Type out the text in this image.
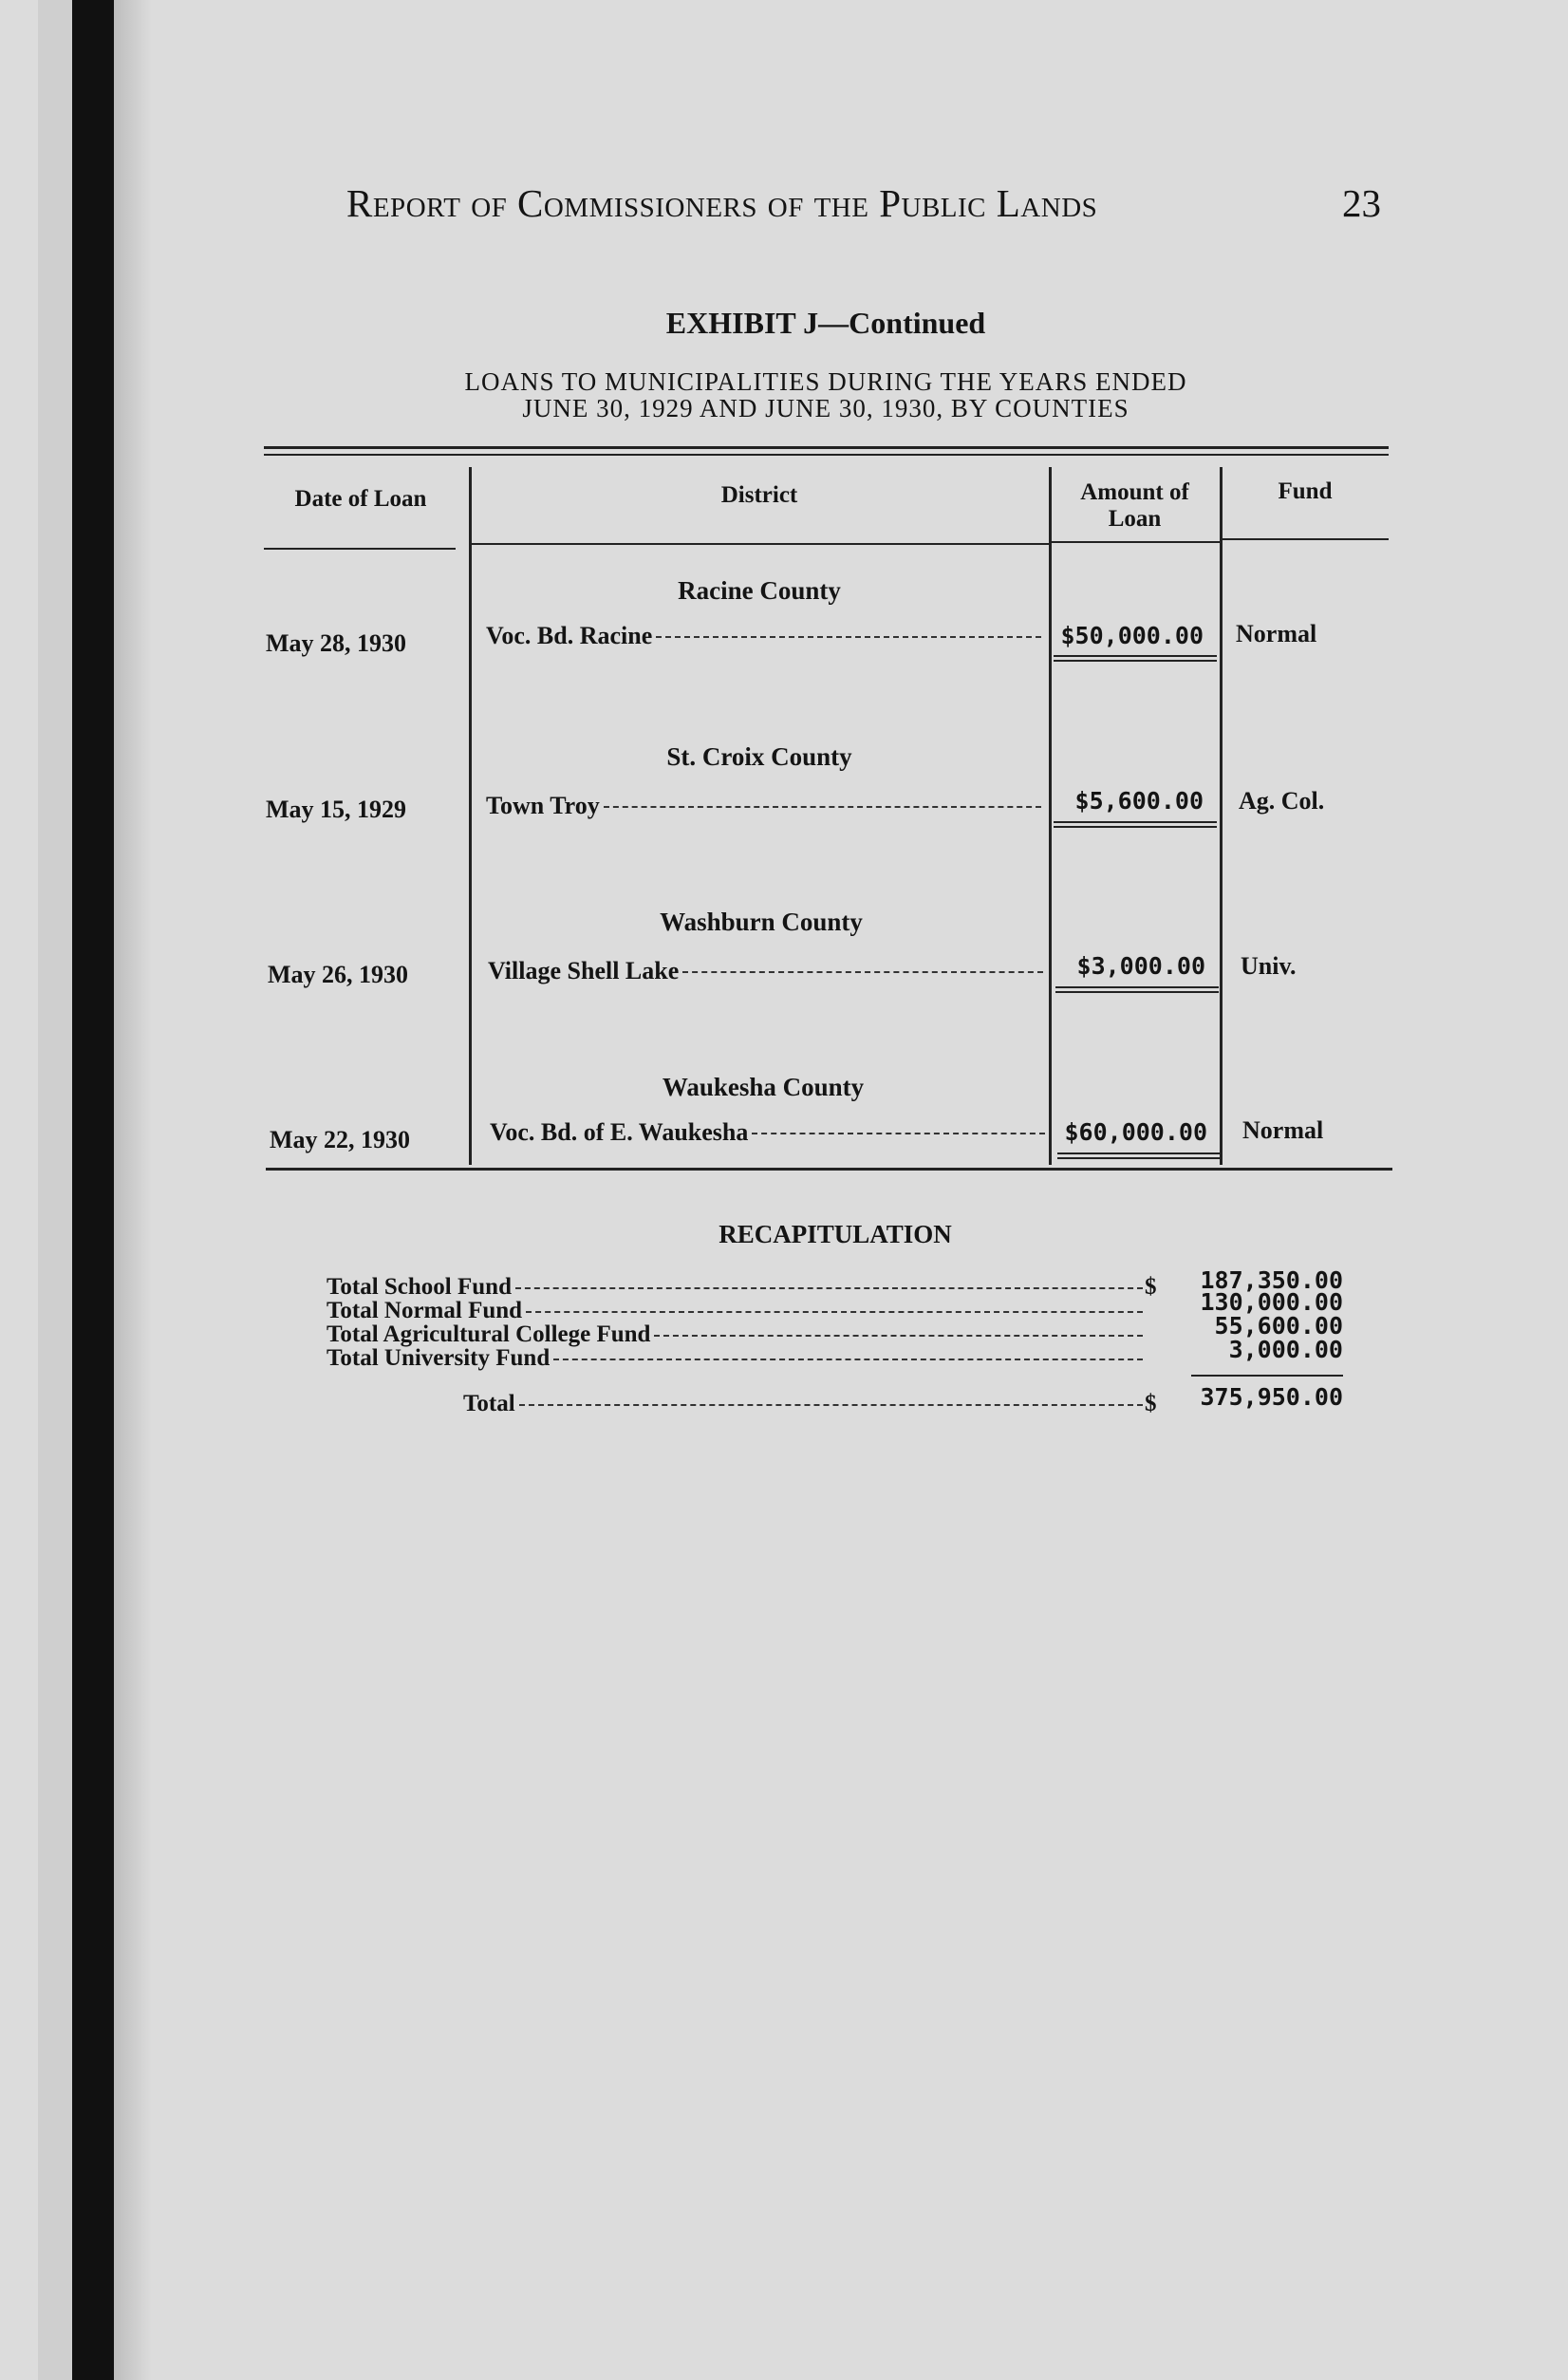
Report of Commissioners of the Public Lands	23
EXHIBIT J—Continued
LOANS TO MUNICIPALITIES DURING THE YEARS ENDED
JUNE 30, 1929 AND JUNE 30, 1930, BY COUNTIES
Date of Loan	District	Amount of
Loan
Fund
Racine County
May 28, 1930	Voc. Bd. Racine	$50,000.00 Normal
St. Croix County
May 15, 1929	Town Troy	$5,600.00 Ag. Col.
Washburn County
May 26, 1930	Village Shell Lake	$3,000.00 Univ.
Waukesha County
May 22, 1930	Voc. Bd. of E. Waukesha	$60,000.00 Normal
RECAPITULATION
Total School Fund	$	187,350.00
Total Normal Fund	130,000.00
Total Agricultural College Fund	55,600.00
Total University Fund	3,000.00
Total	$	375,950.00
